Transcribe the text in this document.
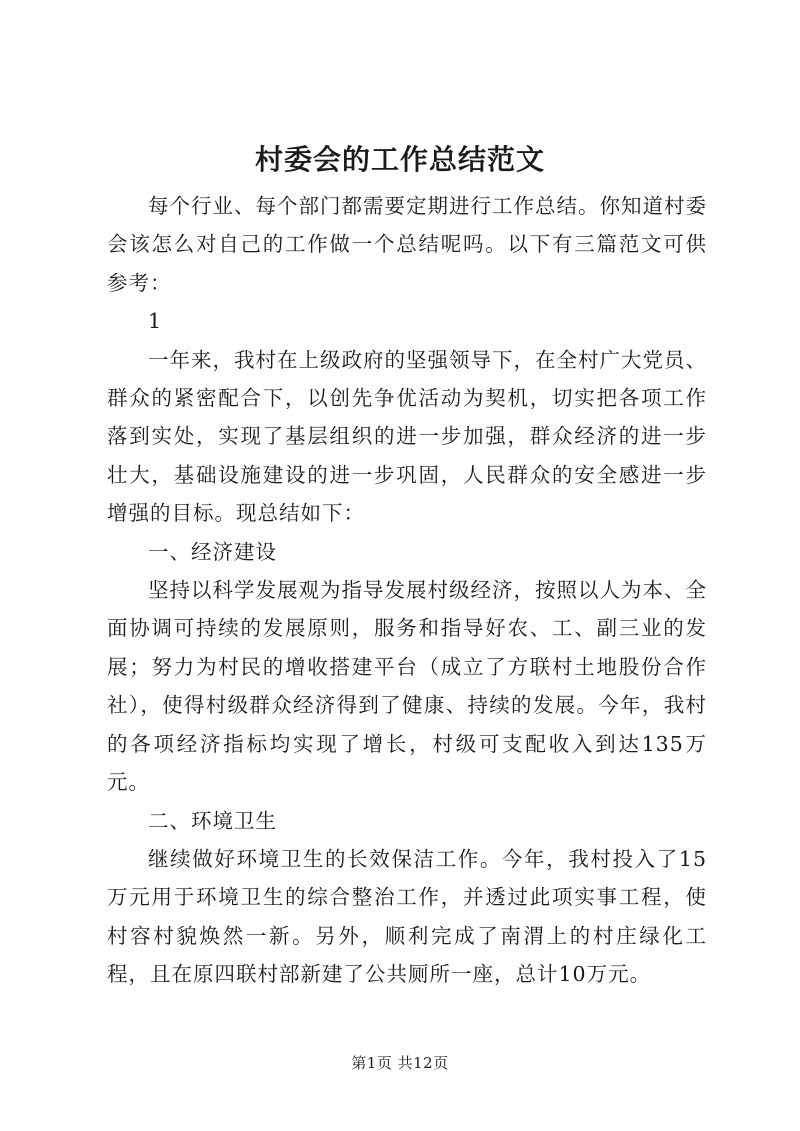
村委会的工作总结范文

每个行业、每个部门都需要定期进行工作总结。你知道村委会该怎么对自己的工作做一个总结呢吗。以下有三篇范文可供参考：

1

一年来，我村在上级政府的坚强领导下，在全村广大党员、群众的紧密配合下，以创先争优活动为契机，切实把各项工作落到实处，实现了基层组织的进一步加强，群众经济的进一步壮大，基础设施建设的进一步巩固，人民群众的安全感进一步增强的目标。现总结如下：

一、经济建设

坚持以科学发展观为指导发展村级经济，按照以人为本、全面协调可持续的发展原则，服务和指导好农、工、副三业的发展；努力为村民的增收搭建平台（成立了方联村土地股份合作社），使得村级群众经济得到了健康、持续的发展。今年，我村的各项经济指标均实现了增长，村级可支配收入到达135万元。

二、环境卫生

继续做好环境卫生的长效保洁工作。今年，我村投入了15万元用于环境卫生的综合整治工作，并透过此项实事工程，使村容村貌焕然一新。另外，顺利完成了南渭上的村庄绿化工程，且在原四联村部新建了公共厕所一座，总计10万元。

第1页 共12页
